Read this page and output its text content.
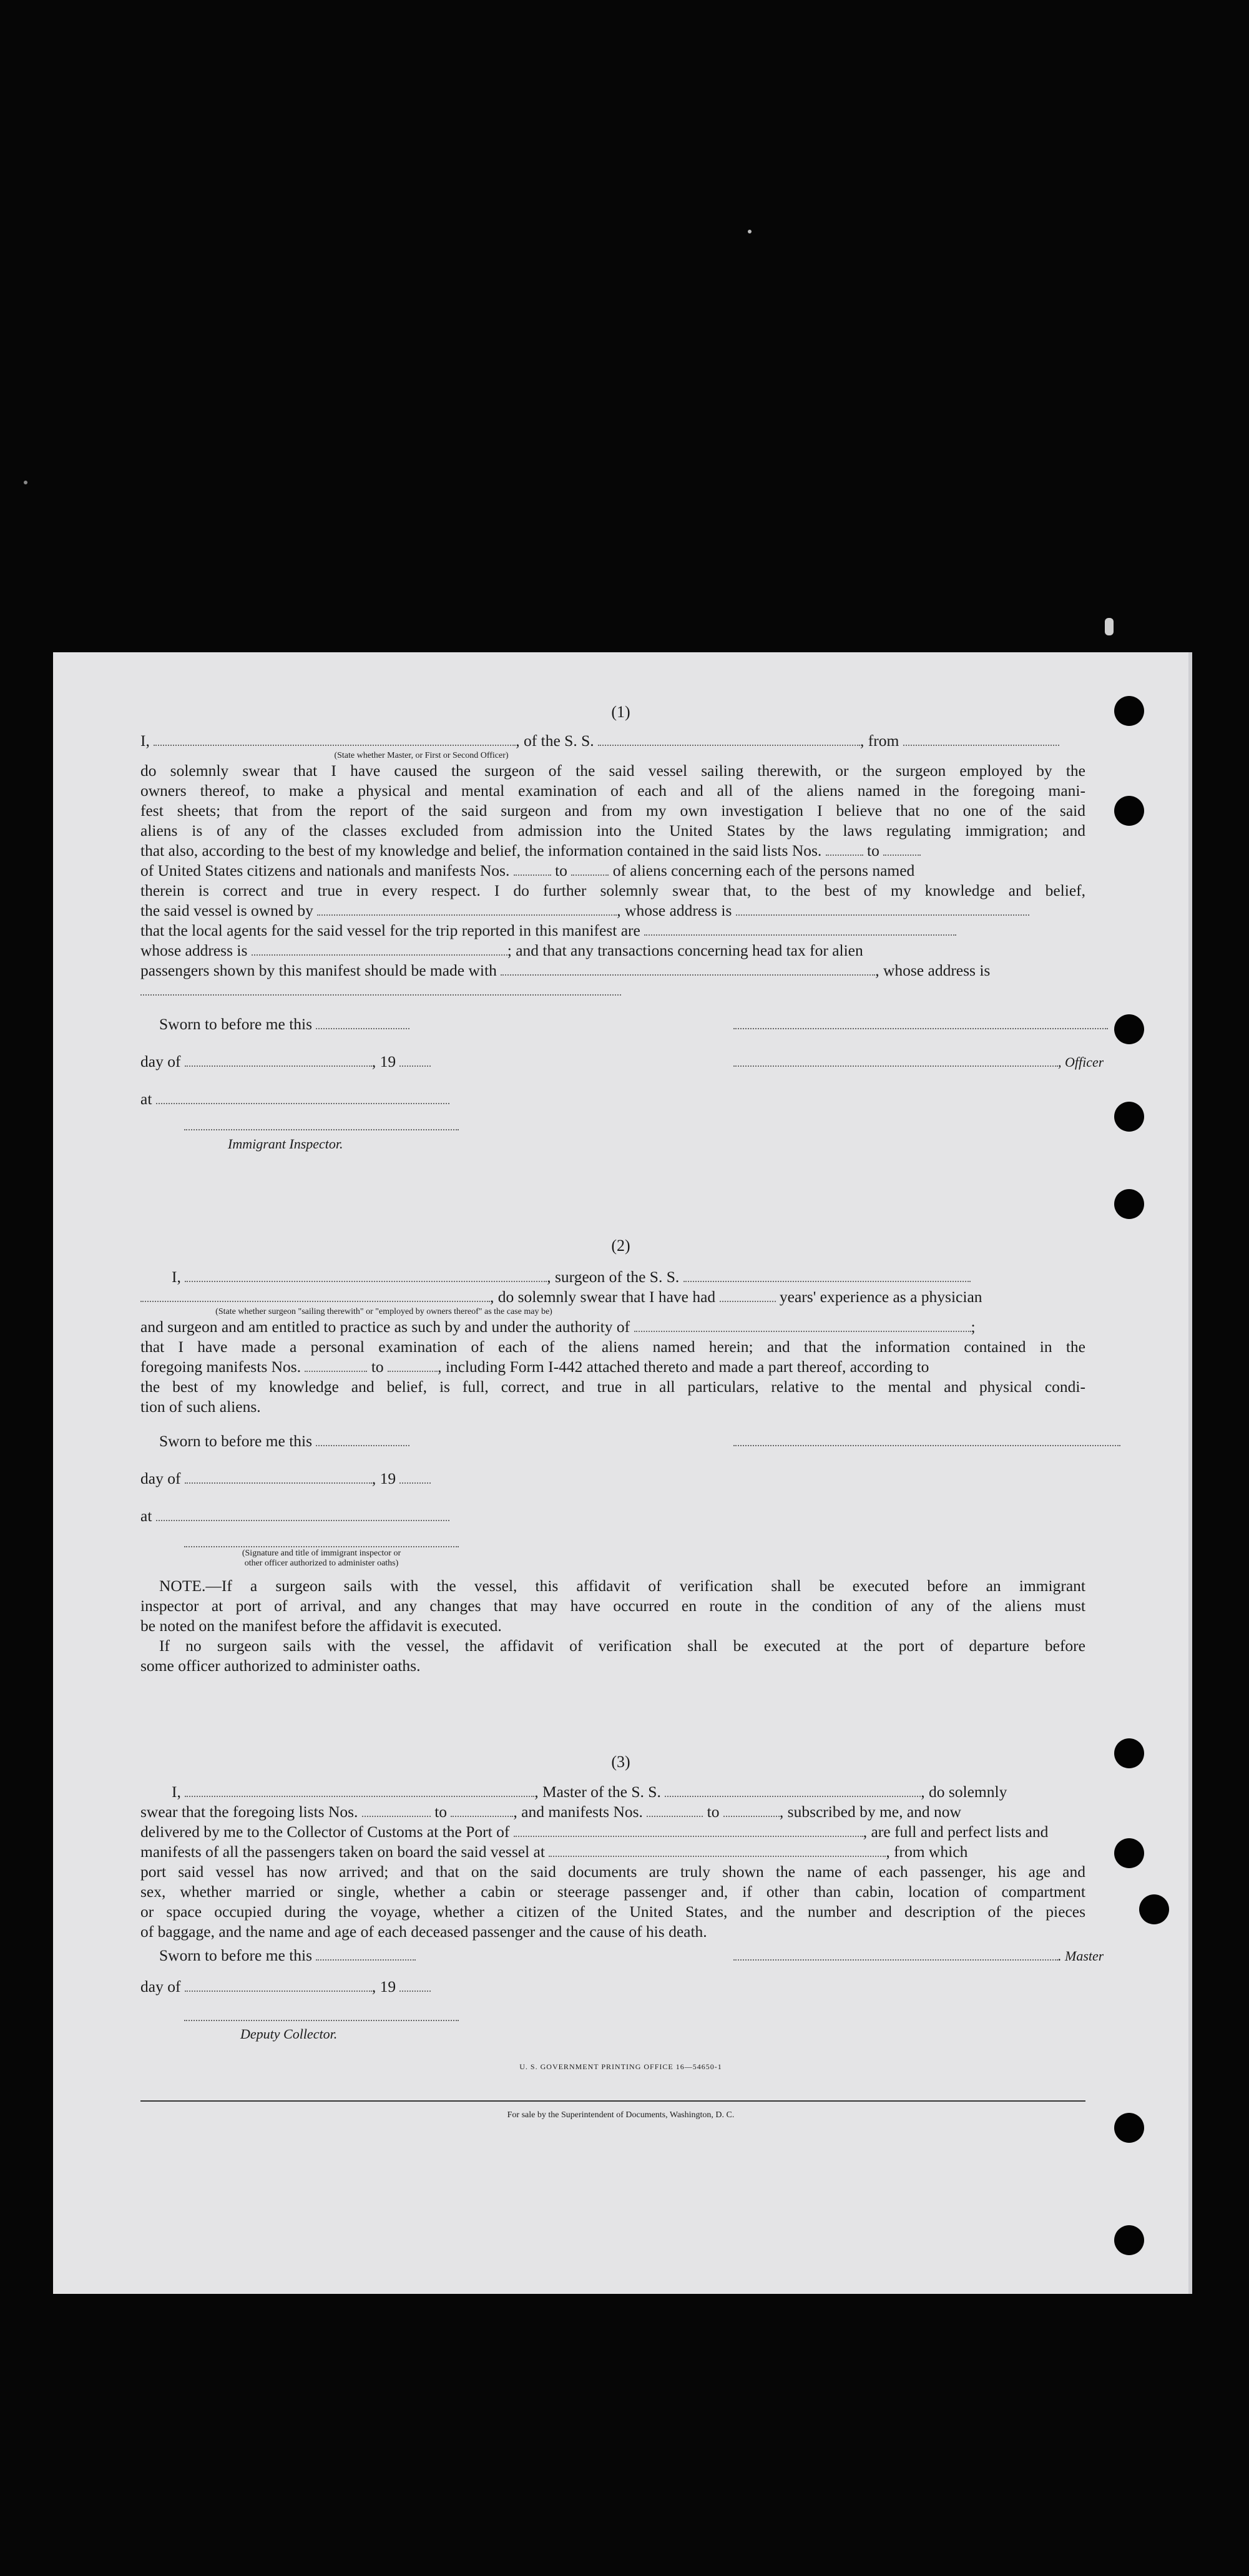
(1)
I,	, of the S. S.	, from
(State whether Master, or First or Second Officer)
do solemnly swear that I have caused the surgeon of the said vessel sailing therewith, or the surgeon employed by the
owners thereof, to make a physical and mental examination of each and all of the aliens named in the foregoing mani-
fest sheets; that from the report of the said surgeon and from my own investigation I believe that no one of the said
aliens is of any of the classes excluded from admission into the United States by the laws regulating immigration; and
that also, according to the best of my knowledge and belief, the information contained in the said lists Nos.	to
of United States citizens and nationals and manifests Nos.	to	of aliens concerning each of the persons named
therein is correct and true in every respect. I do further solemnly swear that, to the best of my knowledge and belief,
the said vessel is owned by	, whose address is
that the local agents for the said vessel for the trip reported in this manifest are
whose address is	; and that any transactions concerning head tax for alien
passengers shown by this manifest should be made with	, whose address is
Sworn to before me this
day of	, 19	, Officer
at
Immigrant Inspector.
(2)
I,	, surgeon of the S. S.
, do solemnly swear that I have had	years' experience as a physician
(State whether surgeon "sailing therewith" or "employed by owners thereof" as the case may be)
and surgeon and am entitled to practice as such by and under the authority of	;
that I have made a personal examination of each of the aliens named herein; and that the information contained in the
foregoing manifests Nos.	to	, including Form I-442 attached thereto and made a part thereof, according to
the best of my knowledge and belief, is full, correct, and true in all particulars, relative to the mental and physical condi-
tion of such aliens.
Sworn to before me this
day of	, 19
at
(Signature and title of immigrant inspector or
other officer authorized to administer oaths)
NOTE.—If a surgeon sails with the vessel, this affidavit of verification shall be executed before an immigrant
inspector at port of arrival, and any changes that may have occurred en route in the condition of any of the aliens must
be noted on the manifest before the affidavit is executed.
If no surgeon sails with the vessel, the affidavit of verification shall be executed at the port of departure before
some officer authorized to administer oaths.
(3)
I,	, Master of the S. S.	, do solemnly
swear that the foregoing lists Nos.	to	, and manifests Nos.	to	, subscribed by me, and now
delivered by me to the Collector of Customs at the Port of	, are full and perfect lists and
manifests of all the passengers taken on board the said vessel at	, from which
port said vessel has now arrived; and that on the said documents are truly shown the name of each passenger, his age and
sex, whether married or single, whether a cabin or steerage passenger and, if other than cabin, location of compartment
or space occupied during the voyage, whether a citizen of the United States, and the number and description of the pieces
of baggage, and the name and age of each deceased passenger and the cause of his death.
Sworn to before me this	. Master
day of	, 19
Deputy Collector.
U. S. GOVERNMENT PRINTING OFFICE 16—54650-1
For sale by the Superintendent of Documents, Washington, D. C.
